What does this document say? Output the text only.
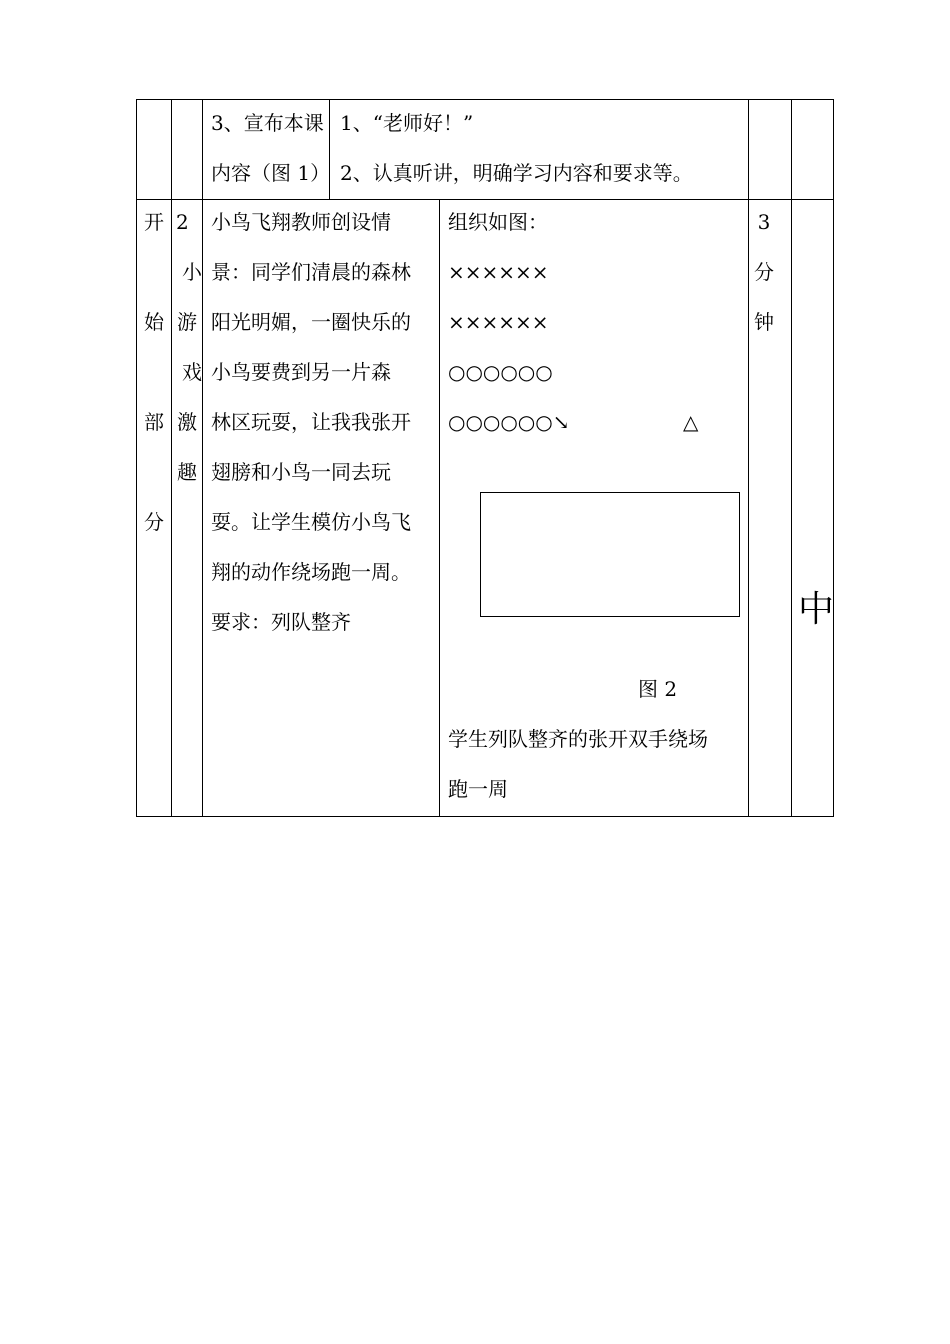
3、宣布本课
内容（图 1）
1、“老师好！”
2、认真听讲，明确学习内容和要求等。
开
始
部
分
2
小
游
戏
激
趣
小鸟飞翔教师创设情
景：同学们清晨的森林
阳光明媚，一圈快乐的
小鸟要费到另一片森
林区玩耍，让我我张开
翅膀和小鸟一同去玩
耍。让学生模仿小鸟飞
翔的动作绕场跑一周。
要求：列队整齐
组织如图：
××××××
××××××
○○○○○○
○○○○○○↘	△
图 2
学生列队整齐的张开双手绕场
跑一周
3
分
钟
中
